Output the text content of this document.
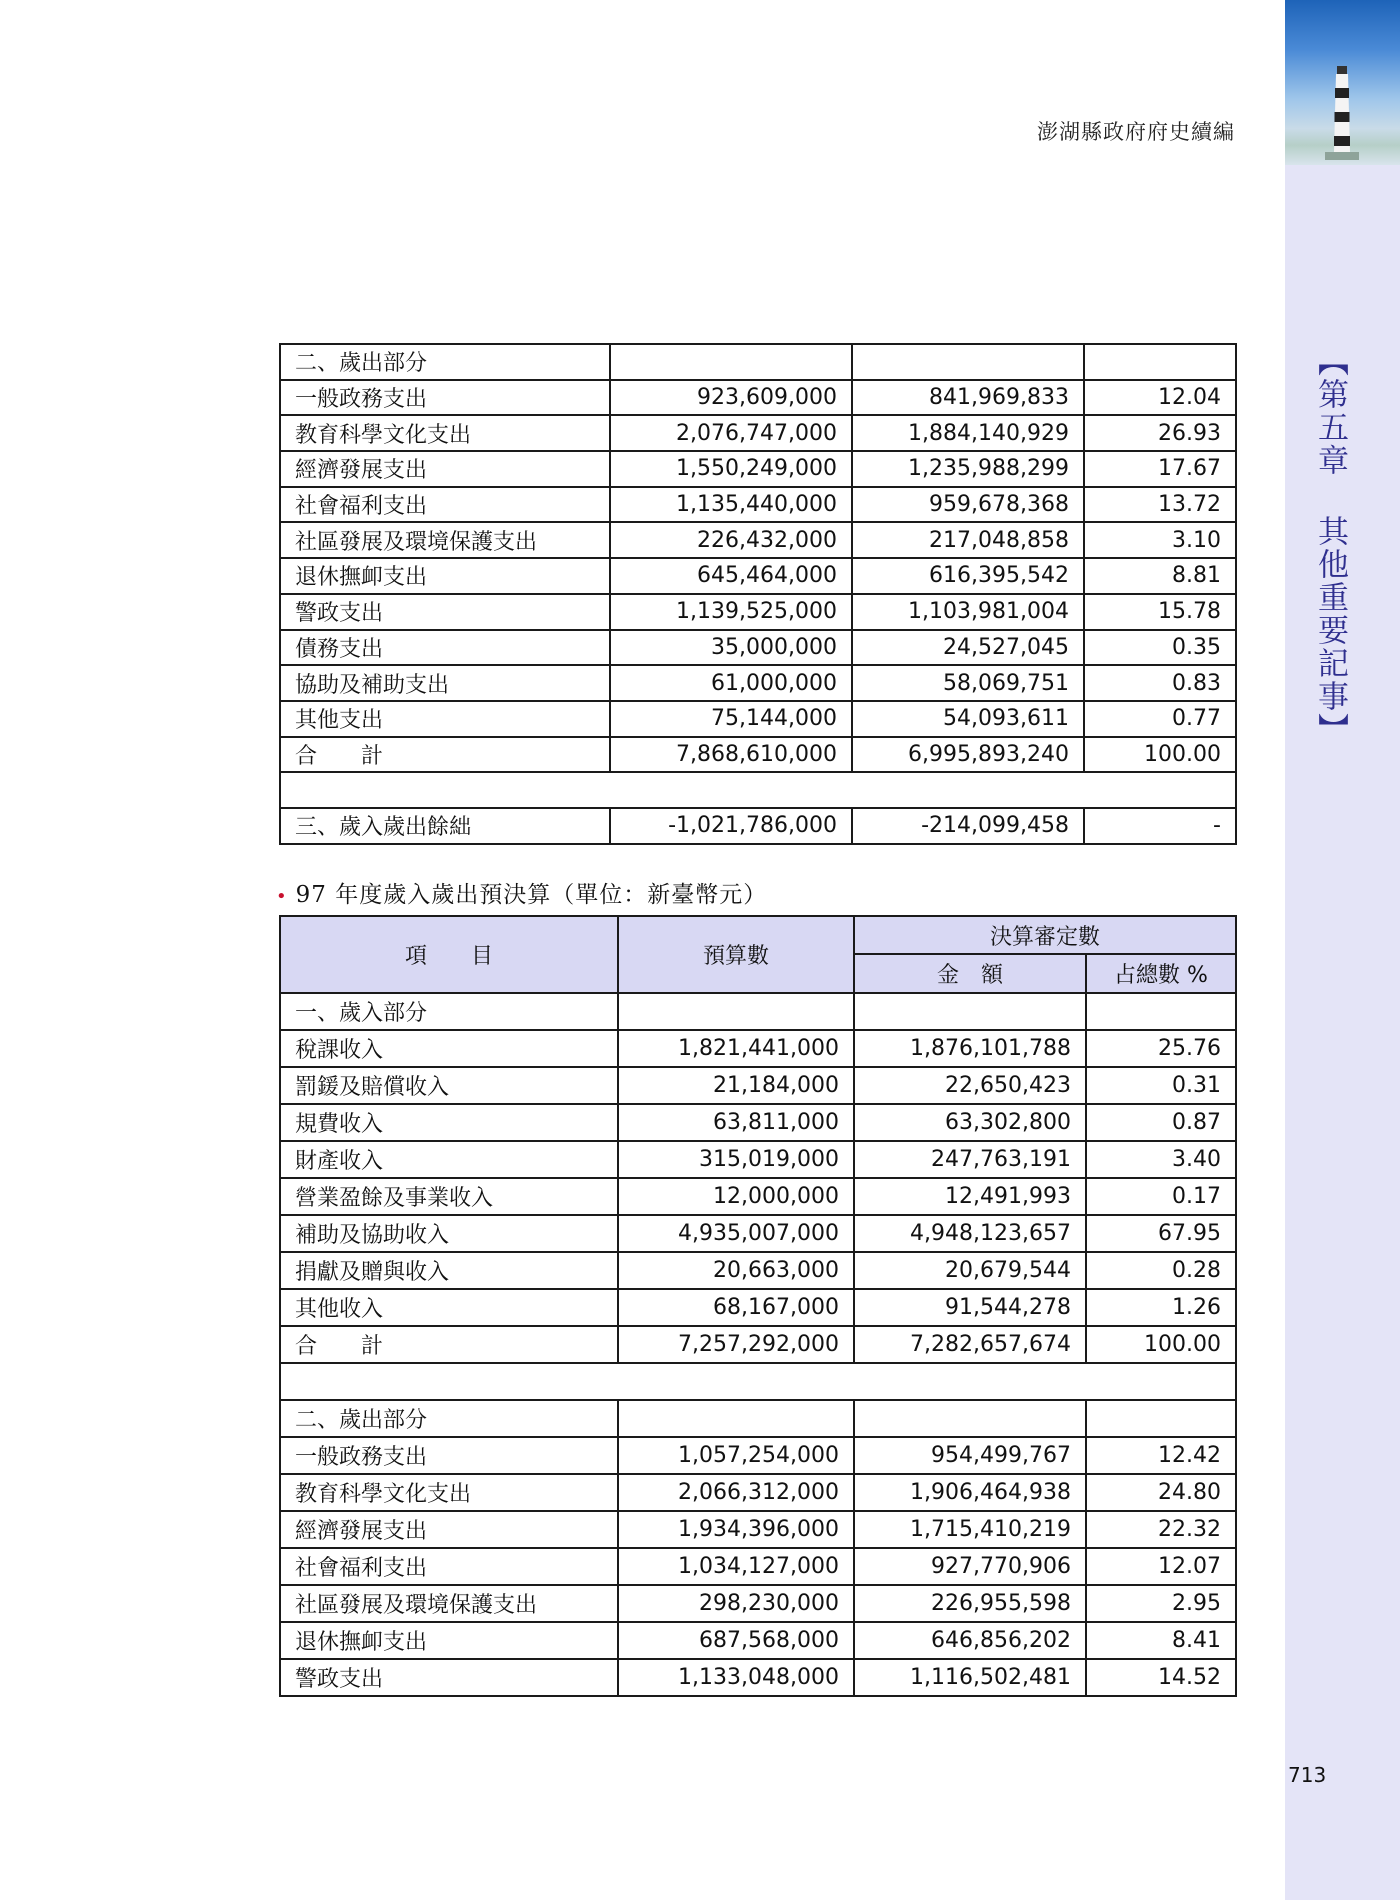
澎湖縣政府府史續編
【第五章 其他重要記事】
713
二、歲出部分			
一般政務支出	923,609,000	841,969,833	12.04
教育科學文化支出	2,076,747,000	1,884,140,929	26.93
經濟發展支出	1,550,249,000	1,235,988,299	17.67
社會福利支出	1,135,440,000	959,678,368	13.72
社區發展及環境保護支出	226,432,000	217,048,858	3.10
退休撫卹支出	645,464,000	616,395,542	8.81
警政支出	1,139,525,000	1,103,981,004	15.78
債務支出	35,000,000	24,527,045	0.35
協助及補助支出	61,000,000	58,069,751	0.83
其他支出	75,144,000	54,093,611	0.77
合　　計	7,868,610,000	6,995,893,240	100.00

三、歲入歲出餘絀	-1,021,786,000	-214,099,458	-
• 97 年度歲入歲出預決算（單位：新臺幣元）
項　　目	預算數	決算審定數	
		金　額	占總數 %
一、歲入部分			
稅課收入	1,821,441,000	1,876,101,788	25.76
罰鍰及賠償收入	21,184,000	22,650,423	0.31
規費收入	63,811,000	63,302,800	0.87
財產收入	315,019,000	247,763,191	3.40
營業盈餘及事業收入	12,000,000	12,491,993	0.17
補助及協助收入	4,935,007,000	4,948,123,657	67.95
捐獻及贈與收入	20,663,000	20,679,544	0.28
其他收入	68,167,000	91,544,278	1.26
合　　計	7,257,292,000	7,282,657,674	100.00

二、歲出部分			
一般政務支出	1,057,254,000	954,499,767	12.42
教育科學文化支出	2,066,312,000	1,906,464,938	24.80
經濟發展支出	1,934,396,000	1,715,410,219	22.32
社會福利支出	1,034,127,000	927,770,906	12.07
社區發展及環境保護支出	298,230,000	226,955,598	2.95
退休撫卹支出	687,568,000	646,856,202	8.41
警政支出	1,133,048,000	1,116,502,481	14.52
